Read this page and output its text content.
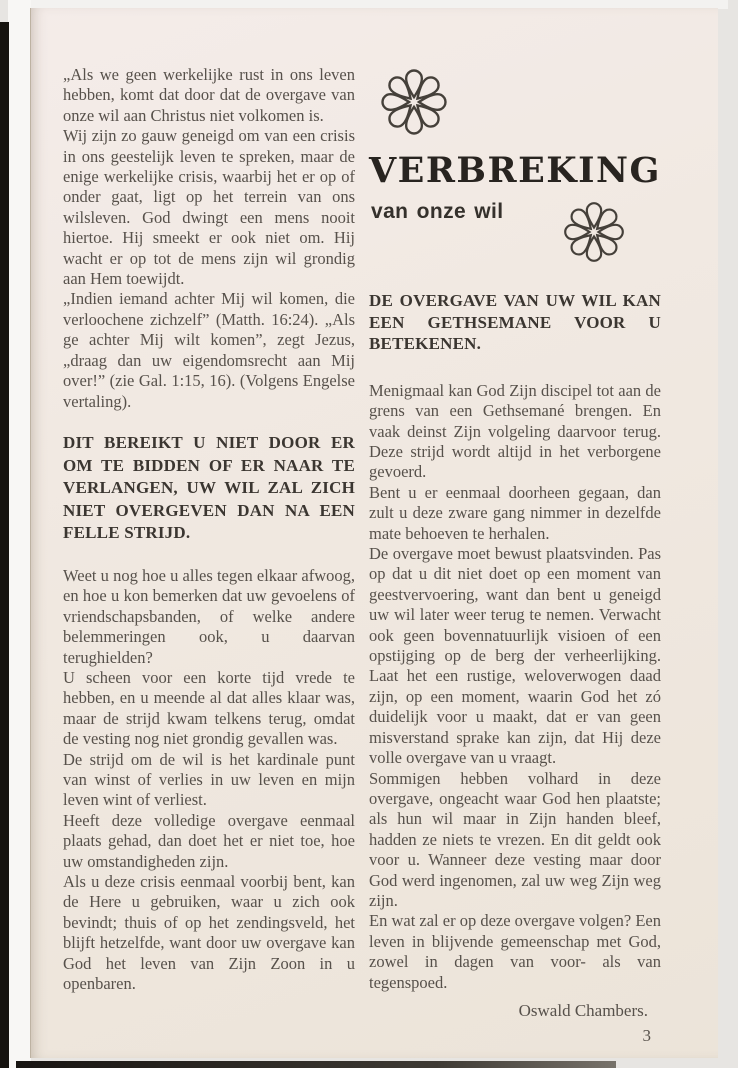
„Als we geen werkelijke rust in ons leven hebben, komt dat door dat de overgave van onze wil aan Christus niet volkomen is.

Wij zijn zo gauw geneigd om van een crisis in ons geestelijk leven te spreken, maar de enige werkelijke crisis, waarbij het er op of onder gaat, ligt op het terrein van ons wilsleven. God dwingt een mens nooit hiertoe. Hij smeekt er ook niet om. Hij wacht er op tot de mens zijn wil grondig aan Hem toewijdt.

„Indien iemand achter Mij wil komen, die verloochene zichzelf” (Matth. 16:24). „Als ge achter Mij wilt komen”, zegt Jezus, „draag dan uw eigendomsrecht aan Mij over!” (zie Gal. 1:15, 16). (Volgens Engelse vertaling).

DIT BEREIKT U NIET DOOR ER OM TE BIDDEN OF ER NAAR TE VERLANGEN, UW WIL ZAL ZICH NIET OVERGEVEN DAN NA EEN FELLE STRIJD.

Weet u nog hoe u alles tegen elkaar afwoog, en hoe u kon bemerken dat uw gevoelens of vriendschapsbanden, of welke andere belemmeringen ook, u daarvan terughielden?

U scheen voor een korte tijd vrede te hebben, en u meende al dat alles klaar was, maar de strijd kwam telkens terug, omdat de vesting nog niet grondig gevallen was.

De strijd om de wil is het kardinale punt van winst of verlies in uw leven en mijn leven wint of verliest.

Heeft deze volledige overgave eenmaal plaats gehad, dan doet het er niet toe, hoe uw omstandigheden zijn.

Als u deze crisis eenmaal voorbij bent, kan de Here u gebruiken, waar u zich ook bevindt; thuis of op het zendingsveld, het blijft hetzelfde, want door uw overgave kan God het leven van Zijn Zoon in u openbaren.

VERBREKING
van onze wil
DE OVERGAVE VAN UW WIL KAN EEN GETHSEMANE VOOR U BETEKENEN.

Menigmaal kan God Zijn discipel tot aan de grens van een Gethsemané brengen. En vaak deinst Zijn volgeling daarvoor terug. Deze strijd wordt altijd in het verborgene gevoerd.

Bent u er eenmaal doorheen gegaan, dan zult u deze zware gang nimmer in dezelfde mate behoeven te herhalen.

De overgave moet bewust plaatsvinden. Pas op dat u dit niet doet op een moment van geestvervoering, want dan bent u geneigd uw wil later weer terug te nemen. Verwacht ook geen bovennatuurlijk visioen of een opstijging op de berg der verheerlijking. Laat het een rustige, weloverwogen daad zijn, op een moment, waarin God het zó duidelijk voor u maakt, dat er van geen misverstand sprake kan zijn, dat Hij deze volle overgave van u vraagt.

Sommigen hebben volhard in deze overgave, ongeacht waar God hen plaatste; als hun wil maar in Zijn handen bleef, hadden ze niets te vrezen. En dit geldt ook voor u. Wanneer deze vesting maar door God werd ingenomen, zal uw weg Zijn weg zijn.

En wat zal er op deze overgave volgen? Een leven in blijvende gemeenschap met God, zowel in dagen van voor- als van tegenspoed.

Oswald Chambers.
3
